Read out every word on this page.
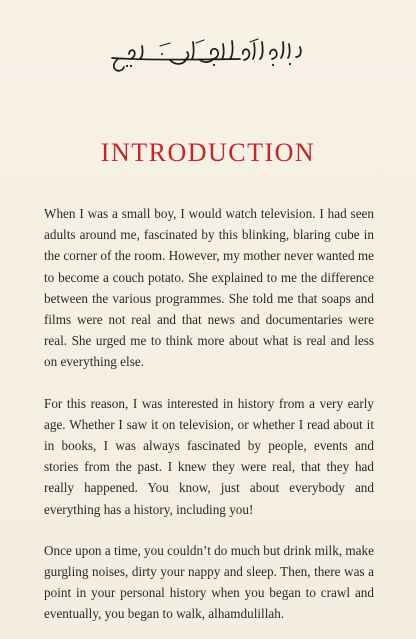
INTRODUCTION

When I was a small boy, I would watch television. I had seen adults around me, fascinated by this blinking, blaring cube in the corner of the room. However, my mother never wanted me to become a couch potato. She explained to me the difference between the various programmes. She told me that soaps and films were not real and that news and documentaries were real. She urged me to think more about what is real and less on everything else.

For this reason, I was interested in history from a very early age. Whether I saw it on television, or whether I read about it in books, I was always fascinated by people, events and stories from the past. I knew they were real, that they had really happened. You know, just about everybody and everything has a history, including you!

Once upon a time, you couldn’t do much but drink milk, make gurgling noises, dirty your nappy and sleep. Then, there was a point in your personal history when you began to crawl and eventually, you began to walk, alhamdulillah.
